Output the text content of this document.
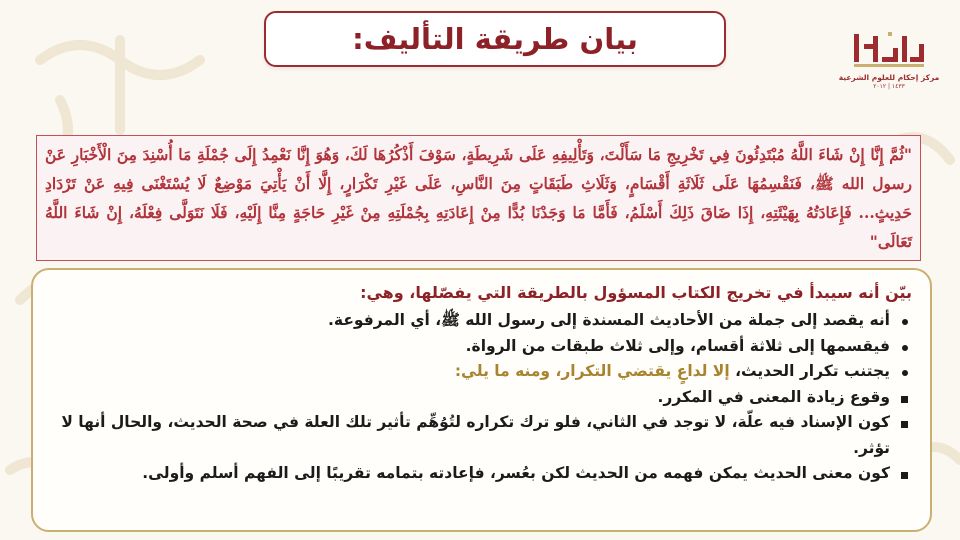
بيان طريقة التأليف:
مركز إحكام للعلوم الشرعية
١٤٣٣ | ٢٠١٢

"ثُمَّ إِنَّا إِنْ شَاءَ اللَّهُ مُبْتَدِئُونَ فِي تَخْرِيجِ مَا سَأَلْتَ، وَتَأْلِيفِهِ عَلَى شَرِيطَةٍ، سَوْفَ أَذْكُرُهَا لَكَ، وَهُوَ إِنَّا نَعْمِدُ إِلَى جُمْلَةِ مَا أُسْنِدَ مِنَ الْأَخْبَارِ عَنْ رسول الله ﷺ، فَنَقْسِمُهَا عَلَى ثَلَاثَةِ أَقْسَامٍ، وَثَلَاثِ طَبَقَاتٍ مِنَ النَّاسِ، عَلَى غَيْرِ تَكْرَارٍ، إِلَّا أَنْ يَأْتِيَ مَوْضِعٌ لَا يُسْتَغْنَى فِيهِ عَنْ تَرْدَادِ حَدِيثٍ... فَإِعَادَتُهُ بِهَيْئَتِهِ، إِذَا ضَاقَ ذَلِكَ أَسْلَمُ، فَأَمَّا مَا وَجَدْنَا بُدًّا مِنْ إِعَادَتِهِ بِجُمْلَتِهِ مِنْ غَيْرِ حَاجَةٍ مِنَّا إِلَيْهِ، فَلَا نَتَوَلَّى فِعْلَهُ، إِنْ شَاءَ اللَّهُ تَعَالَى"

بيّن أنه سيبدأ في تخريج الكتاب المسؤول بالطريقة التي يفصّلها، وهي:

أنه يقصد إلى جملة من الأحاديث المسندة إلى رسول الله ﷺ، أي المرفوعة.
فيقسمها إلى ثلاثة أقسام، وإلى ثلاث طبقات من الرواة.
يجتنب تكرار الحديث، إلا لداعٍ يقتضي التكرار، ومنه ما يلي:
وقوع زيادة المعنى في المكرر.
كون الإسناد فيه علّة، لا توجد في الثاني، فلو ترك تكراره لتُوُهِّم تأثير تلك العلة في صحة الحديث، والحال أنها لا تؤثر.
كون معنى الحديث يمكن فهمه من الحديث لكن بعُسر، فإعادته بتمامه تقريبًا إلى الفهم أسلم وأولى.
